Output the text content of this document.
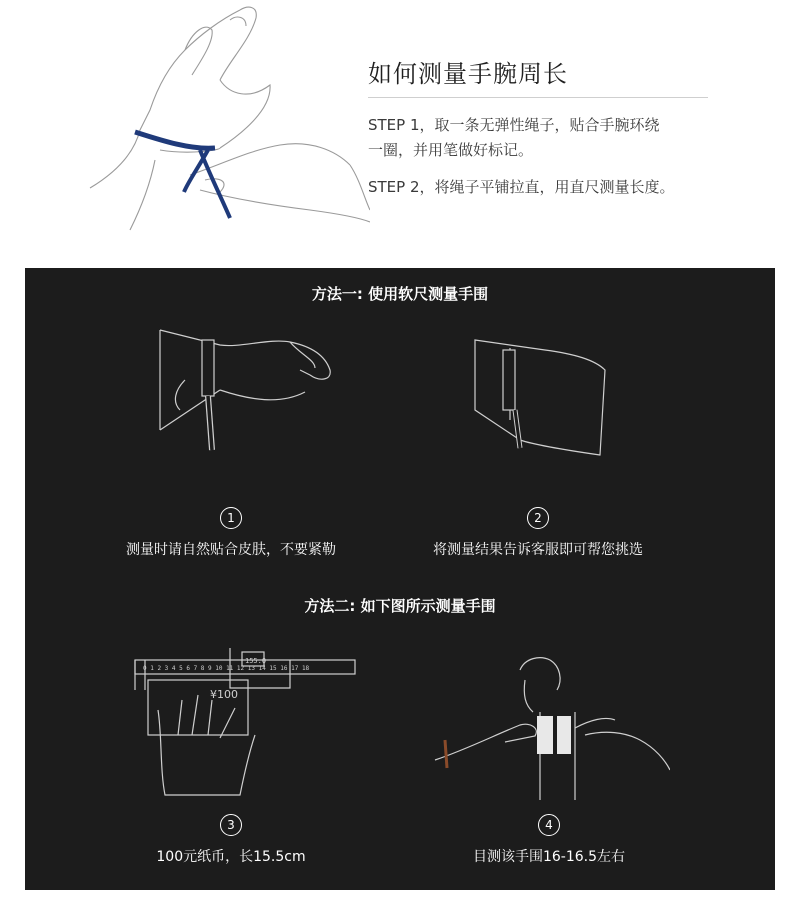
如何测量手腕周长
STEP 1，取一条无弹性绳子，贴合手腕环绕
一圈，并用笔做好标记。
STEP 2，将绳子平铺拉直，用直尺测量长度。
方法一: 使用软尺测量手围
1	2
测量时请自然贴合皮肤，不要紧勒	将测量结果告诉客服即可帮您挑选
方法二: 如下图所示测量手围
0 1 2 3 4 5 6 7 8 9 10 11 12 13 14 15 16 17 18
155.0
¥100
3	4
100元纸币，长15.5cm	目测该手围16-16.5左右
